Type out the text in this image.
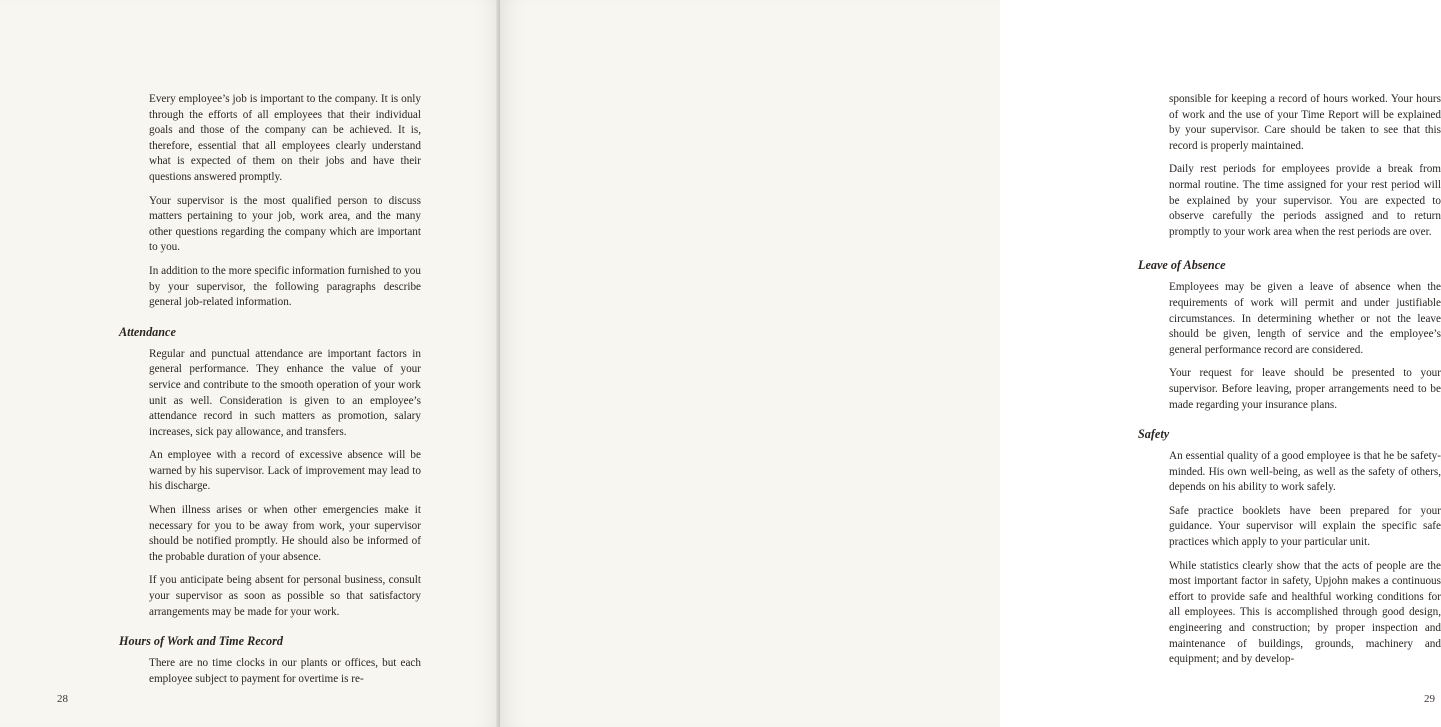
Every employee’s job is important to the company. It is only through the efforts of all employees that their individual goals and those of the company can be achieved. It is, therefore, essential that all employees clearly understand what is expected of them on their jobs and have their questions answered promptly.

Your supervisor is the most qualified person to discuss matters pertaining to your job, work area, and the many other questions regarding the company which are important to you.

In addition to the more specific information furnished to you by your supervisor, the following paragraphs describe general job-related information.

Attendance

Regular and punctual attendance are important factors in general performance. They enhance the value of your service and contribute to the smooth operation of your work unit as well. Consideration is given to an employee’s attendance record in such matters as promotion, salary increases, sick pay allowance, and transfers.

An employee with a record of excessive absence will be warned by his supervisor. Lack of improvement may lead to his discharge.

When illness arises or when other emergencies make it necessary for you to be away from work, your supervisor should be notified promptly. He should also be informed of the probable duration of your absence.

If you anticipate being absent for personal business, consult your supervisor as soon as possible so that satisfactory arrangements may be made for your work.

Hours of Work and Time Record

There are no time clocks in our plants or offices, but each employee subject to payment for overtime is re-

28

sponsible for keeping a record of hours worked. Your hours of work and the use of your Time Report will be explained by your supervisor. Care should be taken to see that this record is properly maintained.

Daily rest periods for employees provide a break from normal routine. The time assigned for your rest period will be explained by your supervisor. You are expected to observe carefully the periods assigned and to return promptly to your work area when the rest periods are over.

Leave of Absence

Employees may be given a leave of absence when the requirements of work will permit and under justifiable circumstances. In determining whether or not the leave should be given, length of service and the employee’s general performance record are considered.

Your request for leave should be presented to your supervisor. Before leaving, proper arrangements need to be made regarding your insurance plans.

Safety

An essential quality of a good employee is that he be safety-minded. His own well-being, as well as the safety of others, depends on his ability to work safely.

Safe practice booklets have been prepared for your guidance. Your supervisor will explain the specific safe practices which apply to your particular unit.

While statistics clearly show that the acts of people are the most important factor in safety, Upjohn makes a continuous effort to provide safe and healthful working conditions for all employees. This is accomplished through good design, engineering and construction; by proper inspection and maintenance of buildings, grounds, machinery and equipment; and by develop-

29
